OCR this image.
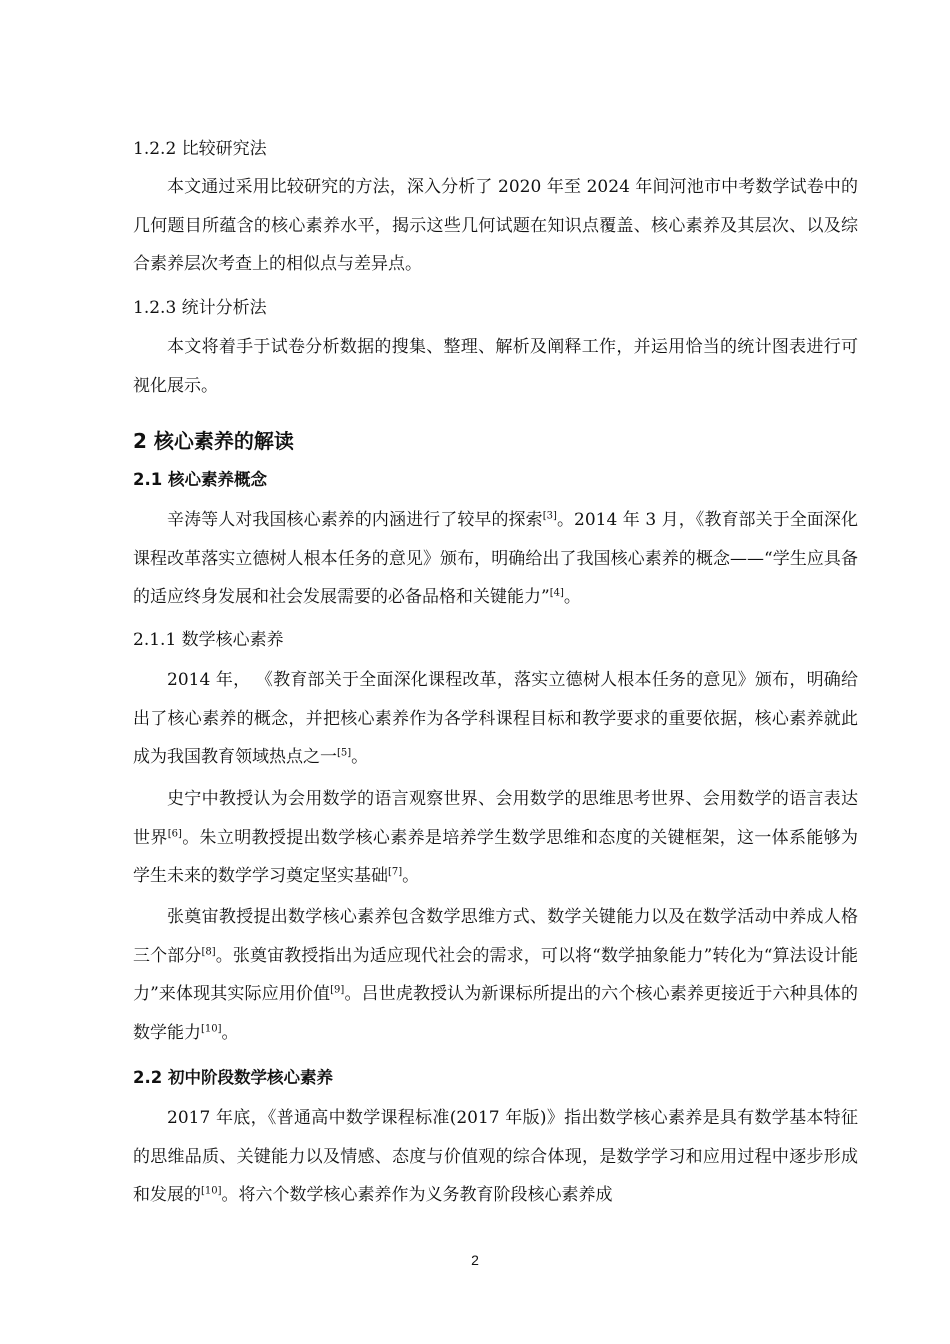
1.2.2 比较研究法

本文通过采用比较研究的方法，深入分析了 2020 年至 2024 年间河池市中考数学试卷中的几何题目所蕴含的核心素养水平，揭示这些几何试题在知识点覆盖、核心素养及其层次、以及综合素养层次考查上的相似点与差异点。

1.2.3 统计分析法

本文将着手于试卷分析数据的搜集、整理、解析及阐释工作，并运用恰当的统计图表进行可视化展示。

2 核心素养的解读
2.1 核心素养概念

辛涛等人对我国核心素养的内涵进行了较早的探索[3]。2014 年 3 月，《教育部关于全面深化课程改革落实立德树人根本任务的意见》颁布，明确给出了我国核心素养的概念——“学生应具备的适应终身发展和社会发展需要的必备品格和关键能力”[4]。

2.1.1 数学核心素养

2014 年， 《教育部关于全面深化课程改革，落实立德树人根本任务的意见》颁布，明确给出了核心素养的概念，并把核心素养作为各学科课程目标和教学要求的重要依据，核心素养就此成为我国教育领域热点之一[5]。

史宁中教授认为会用数学的语言观察世界、会用数学的思维思考世界、会用数学的语言表达世界[6]。朱立明教授提出数学核心素养是培养学生数学思维和态度的关键框架，这一体系能够为学生未来的数学学习奠定坚实基础[7]。

张奠宙教授提出数学核心素养包含数学思维方式、数学关键能力以及在数学活动中养成人格三个部分[8]。张奠宙教授指出为适应现代社会的需求，可以将“数学抽象能力”转化为“算法设计能力”来体现其实际应用价值[9]。吕世虎教授认为新课标所提出的六个核心素养更接近于六种具体的数学能力[10]。

2.2 初中阶段数学核心素养

2017 年底，《普通高中数学课程标准(2017 年版)》指出数学核心素养是具有数学基本特征的思维品质、关键能力以及情感、态度与价值观的综合体现，是数学学习和应用过程中逐步形成和发展的[10]。将六个数学核心素养作为义务教育阶段核心素养成

2
